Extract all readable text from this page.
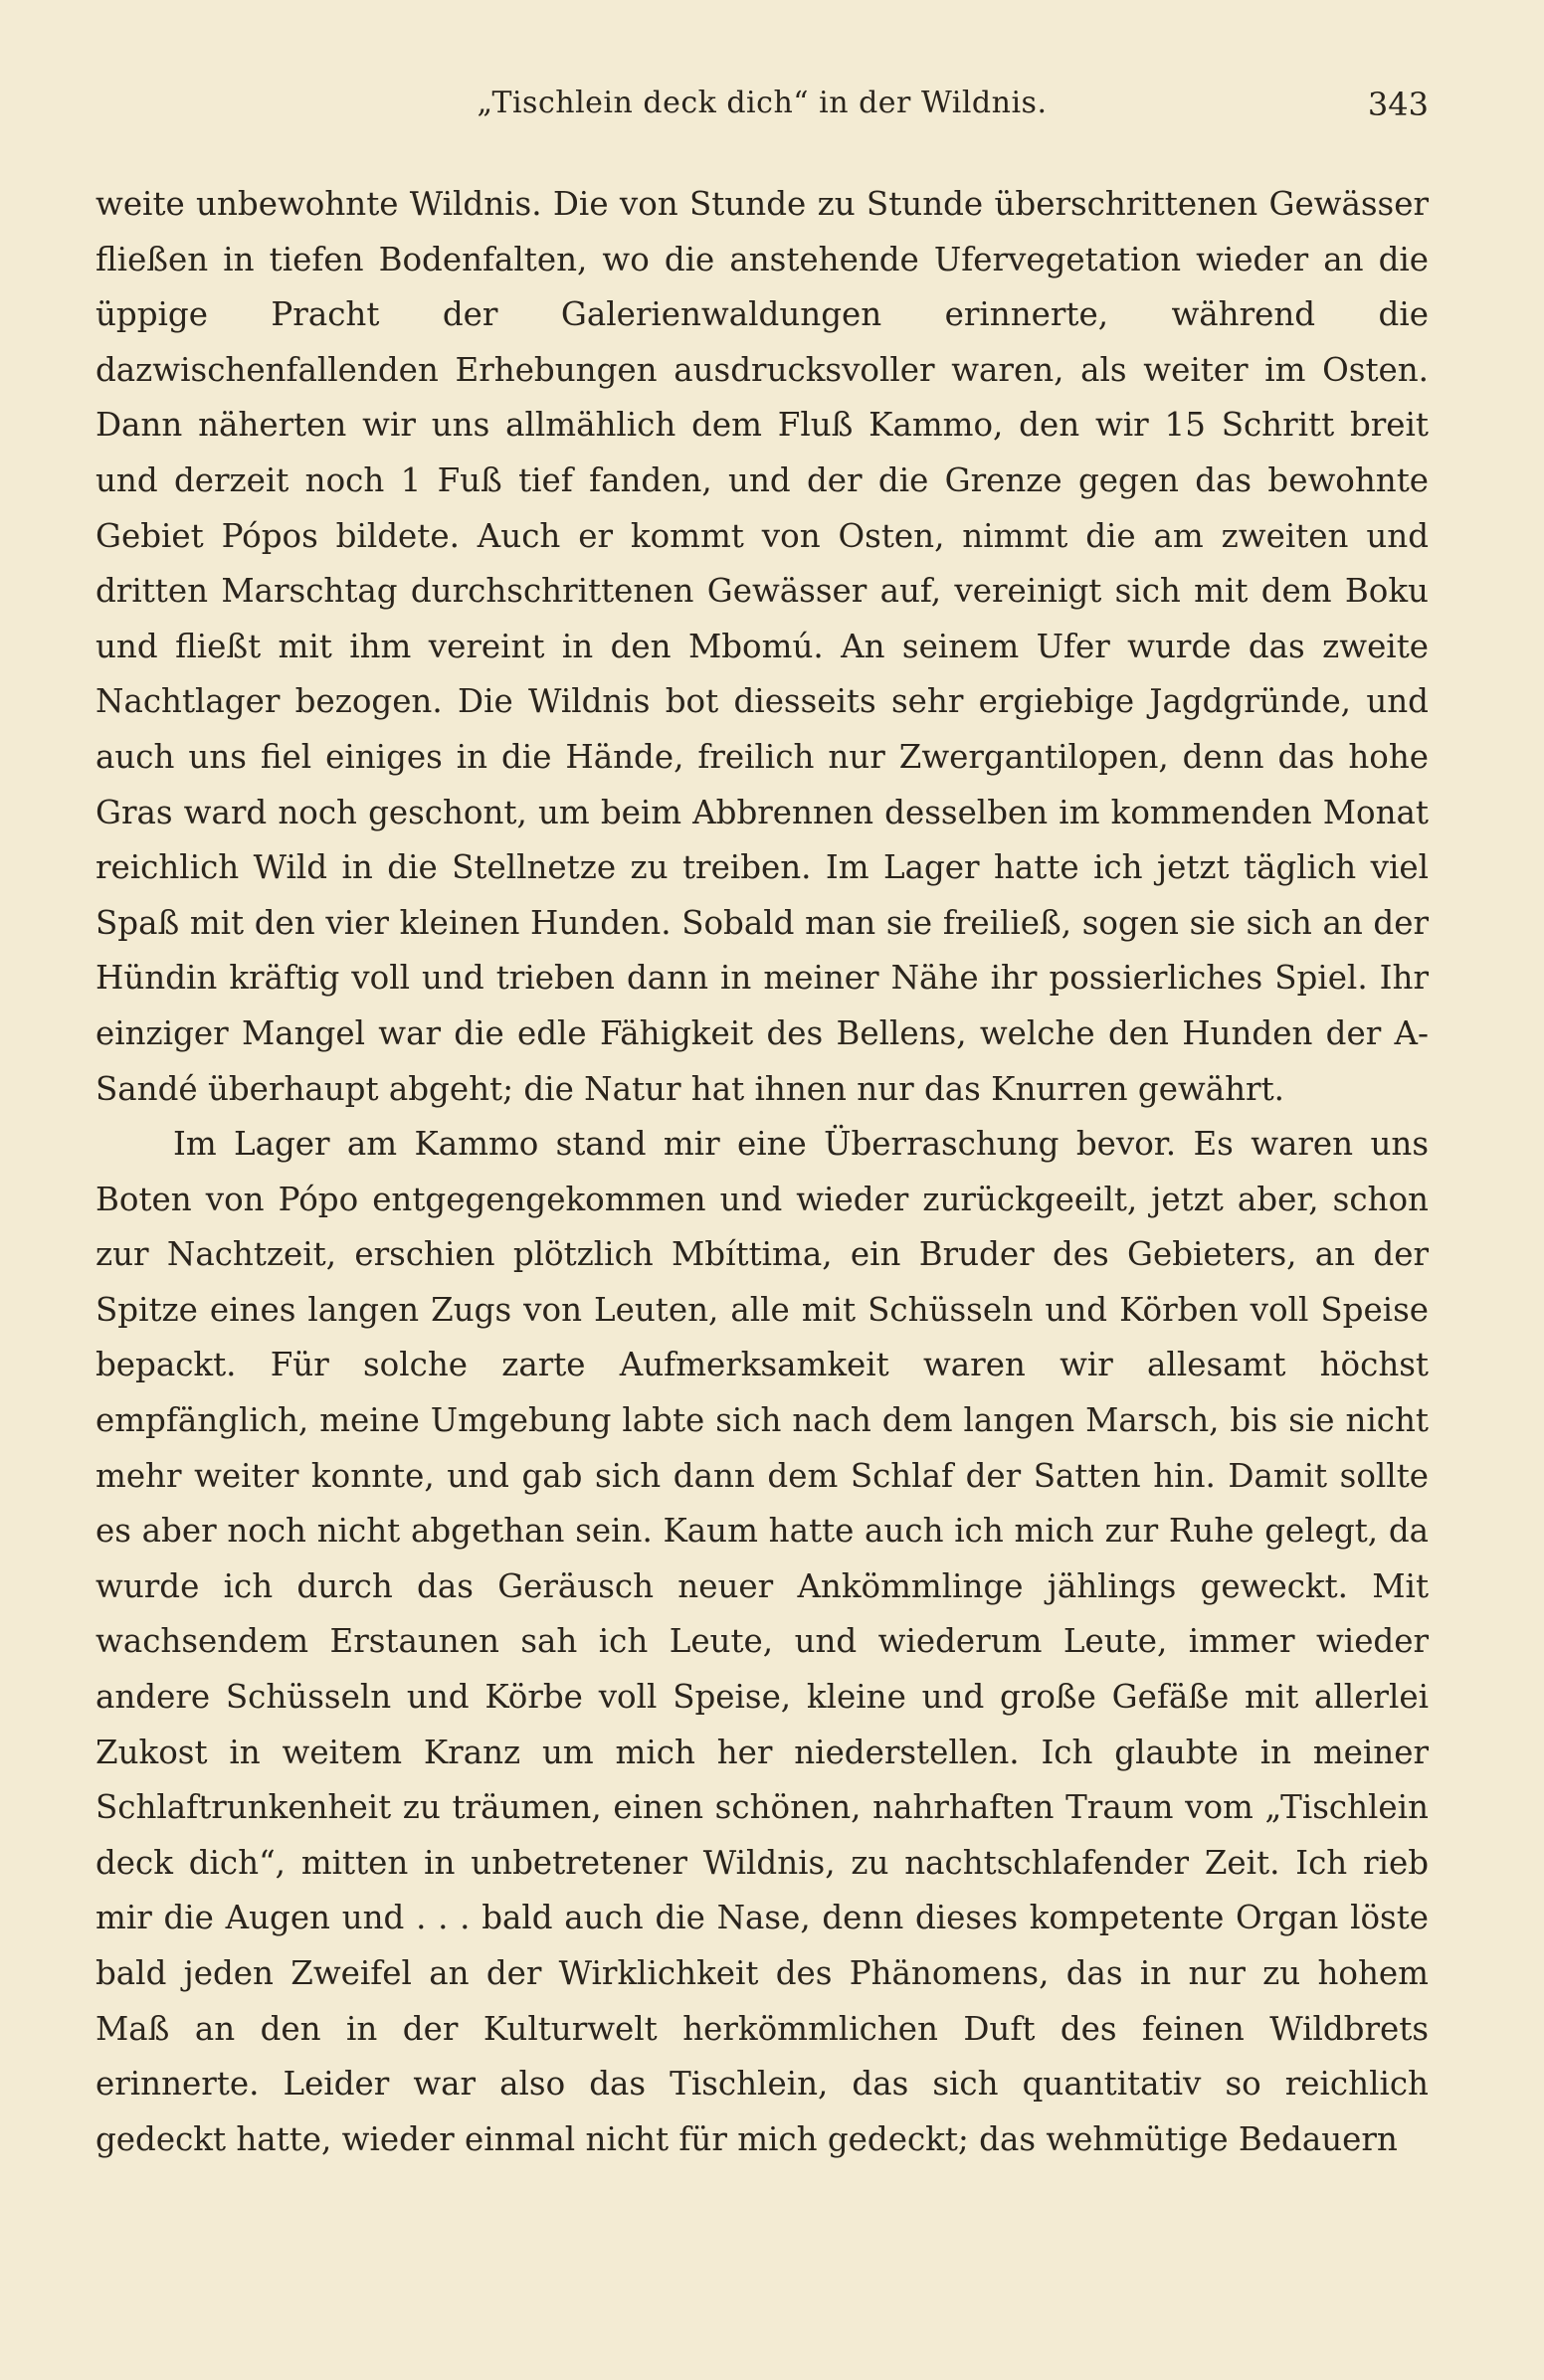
„Tischlein deck dich“ in der Wildnis.	343

weite unbewohnte Wildnis. Die von Stunde zu Stunde überschrittenen Gewässer fließen in tiefen Bodenfalten, wo die anstehende Ufervegetation wieder an die üppige Pracht der Galerienwaldungen erinnerte, während die dazwischenfallenden Erhebungen ausdrucksvoller waren, als weiter im Osten. Dann näherten wir uns allmählich dem Fluß Kammo, den wir 15 Schritt breit und derzeit noch 1 Fuß tief fanden, und der die Grenze gegen das bewohnte Gebiet Pópos bildete. Auch er kommt von Osten, nimmt die am zweiten und dritten Marschtag durchschrittenen Gewässer auf, vereinigt sich mit dem Boku und fließt mit ihm vereint in den Mbomú. An seinem Ufer wurde das zweite Nachtlager bezogen. Die Wildnis bot diesseits sehr ergiebige Jagdgründe, und auch uns fiel einiges in die Hände, freilich nur Zwergantilopen, denn das hohe Gras ward noch geschont, um beim Abbrennen desselben im kommenden Monat reichlich Wild in die Stellnetze zu treiben. Im Lager hatte ich jetzt täglich viel Spaß mit den vier kleinen Hunden. Sobald man sie freiließ, sogen sie sich an der Hündin kräftig voll und trieben dann in meiner Nähe ihr possierliches Spiel. Ihr einziger Mangel war die edle Fähigkeit des Bellens, welche den Hunden der A-Sandé überhaupt abgeht; die Natur hat ihnen nur das Knurren gewährt.

Im Lager am Kammo stand mir eine Überraschung bevor. Es waren uns Boten von Pópo entgegengekommen und wieder zurückgeeilt, jetzt aber, schon zur Nachtzeit, erschien plötzlich Mbíttima, ein Bruder des Gebieters, an der Spitze eines langen Zugs von Leuten, alle mit Schüsseln und Körben voll Speise bepackt. Für solche zarte Aufmerksamkeit waren wir allesamt höchst empfänglich, meine Umgebung labte sich nach dem langen Marsch, bis sie nicht mehr weiter konnte, und gab sich dann dem Schlaf der Satten hin. Damit sollte es aber noch nicht abgethan sein. Kaum hatte auch ich mich zur Ruhe gelegt, da wurde ich durch das Geräusch neuer Ankömmlinge jählings geweckt. Mit wachsendem Erstaunen sah ich Leute, und wiederum Leute, immer wieder andere Schüsseln und Körbe voll Speise, kleine und große Gefäße mit allerlei Zukost in weitem Kranz um mich her niederstellen. Ich glaubte in meiner Schlaftrunkenheit zu träumen, einen schönen, nahrhaften Traum vom „Tischlein deck dich“, mitten in unbetretener Wildnis, zu nachtschlafender Zeit. Ich rieb mir die Augen und . . . bald auch die Nase, denn dieses kompetente Organ löste bald jeden Zweifel an der Wirklichkeit des Phänomens, das in nur zu hohem Maß an den in der Kulturwelt herkömmlichen Duft des feinen Wildbrets erinnerte. Leider war also das Tischlein, das sich quantitativ so reichlich gedeckt hatte, wieder einmal nicht für mich gedeckt; das wehmütige Bedauern
